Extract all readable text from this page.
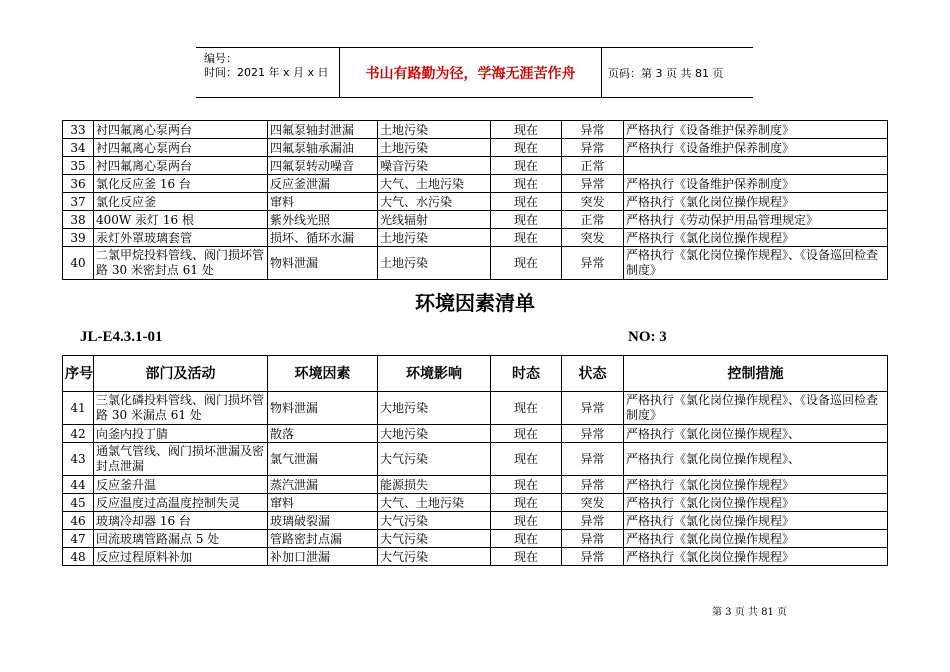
编号：
时间：2021 年 x 月 x 日	书山有路勤为径，学海无涯苦作舟	页码：第 3 页 共 81 页
33	衬四氟离心泵两台	四氟泵轴封泄漏	土地污染	现在	异常	严格执行《设备维护保养制度》
34	衬四氟离心泵两台	四氟泵轴承漏油	土地污染	现在	异常	严格执行《设备维护保养制度》
35	衬四氟离心泵两台	四氟泵转动噪音	噪音污染	现在	正常	
36	氯化反应釜 16 台	反应釜泄漏	大气、土地污染	现在	异常	严格执行《设备维护保养制度》
37	氯化反应釜	窜料	大气、水污染	现在	突发	严格执行《氯化岗位操作规程》
38	400W 汞灯 16 根	紫外线光照	光线辐射	现在	正常	严格执行《劳动保护用品管理规定》
39	汞灯外罩玻璃套管	损坏、循环水漏	土地污染	现在	突发	严格执行《氯化岗位操作规程》
40	二氯甲烷投料管线、阀门损坏管路 30 米密封点 61 处	物料泄漏	土地污染	现在	异常	严格执行《氯化岗位操作规程》、《设备巡回检查制度》
环境因素清单
JL-E4.3.1-01	NO: 3
序号	部门及活动	环境因素	环境影响	时态	状态	控制措施
41	三氯化磷投料管线、阀门损坏管路 30 米漏点 61 处	物料泄漏	大地污染	现在	异常	严格执行《氯化岗位操作规程》、《设备巡回检查制度》
42	向釜内投丁腈	散落	大地污染	现在	异常	严格执行《氯化岗位操作规程》、
43	通氯气管线、阀门损坏泄漏及密封点泄漏	氯气泄漏	大气污染	现在	异常	严格执行《氯化岗位操作规程》、
44	反应釜升温	蒸汽泄漏	能源损失	现在	异常	严格执行《氯化岗位操作规程》
45	反应温度过高温度控制失灵	窜料	大气、土地污染	现在	突发	严格执行《氯化岗位操作规程》
46	玻璃冷却器 16 台	玻璃破裂漏	大气污染	现在	异常	严格执行《氯化岗位操作规程》
47	回流玻璃管路漏点 5 处	管路密封点漏	大气污染	现在	异常	严格执行《氯化岗位操作规程》
48	反应过程原料补加	补加口泄漏	大气污染	现在	异常	严格执行《氯化岗位操作规程》
第 3 页 共 81 页
